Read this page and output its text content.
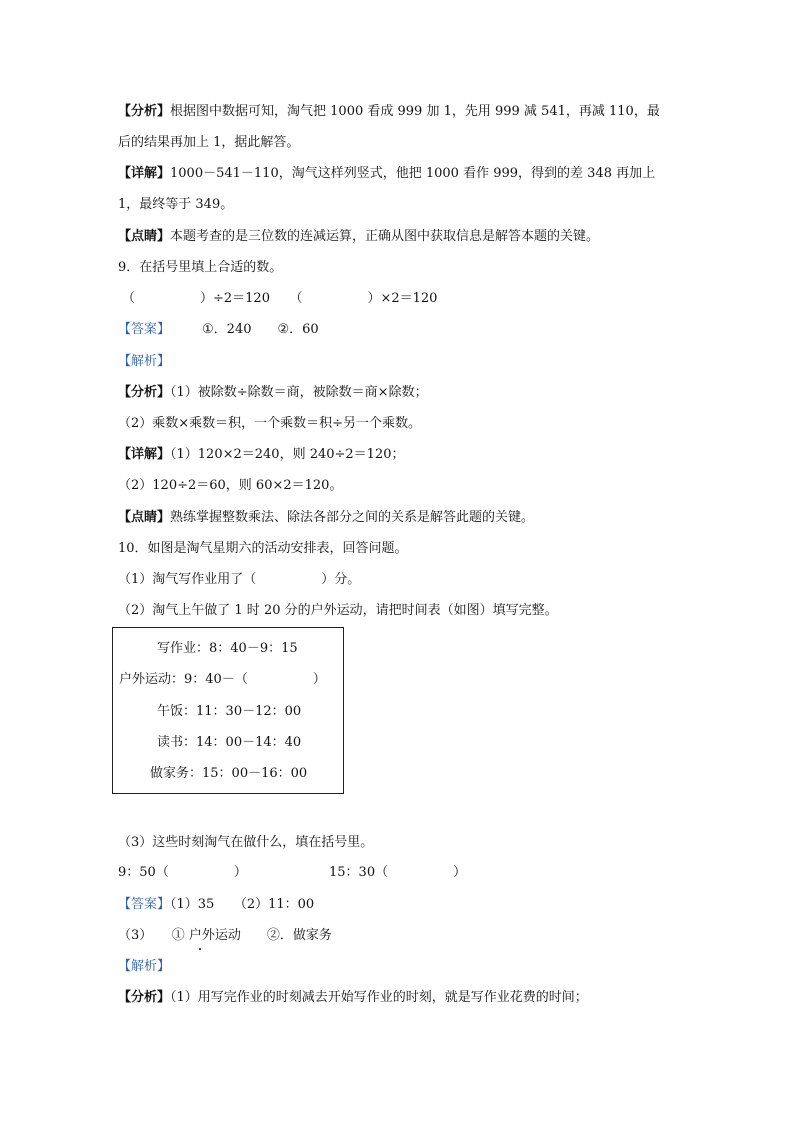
【分析】根据图中数据可知，淘气把 1000 看成 999 加 1，先用 999 减 541，再减 110，最
后的结果再加上 1，据此解答。
【详解】1000－541－110，淘气这样列竖式，他把 1000 看作 999，得到的差 348 再加上
1，最终等于 349。
【点睛】本题考查的是三位数的连减运算，正确从图中获取信息是解答本题的关键。
9．在括号里填上合适的数。
（　　　　　）÷2＝120　　（　　　　　）×2＝120
【答案】 ①．240　　②．60
【解析】
【分析】（1）被除数÷除数＝商，被除数＝商×除数；
（2）乘数×乘数＝积，一个乘数＝积÷另一个乘数。
【详解】（1）120×2＝240，则 240÷2＝120；
（2）120÷2＝60，则 60×2＝120。
【点睛】熟练掌握整数乘法、除法各部分之间的关系是解答此题的关键。
10．如图是淘气星期六的活动安排表，回答问题。
（1）淘气写作业用了（　　　　　）分。
（2）淘气上午做了 1 时 20 分的户外运动，请把时间表（如图）填写完整。
写作业：8：40－9：15
户外运动：9：40－（　　　　　）
午饭：11：30－12：00
读书：14：00－14：40
做家务：15：00－16：00
（3）这些时刻淘气在做什么，填在括号里。
9：50（　　　　　）	15：30（　　　　　）
【答案】（1）35　　（2）11：00
（3）　　① 户外运动　　②．做家务
【解析】
【分析】（1）用写完作业的时刻减去开始写作业的时刻，就是写作业花费的时间；
